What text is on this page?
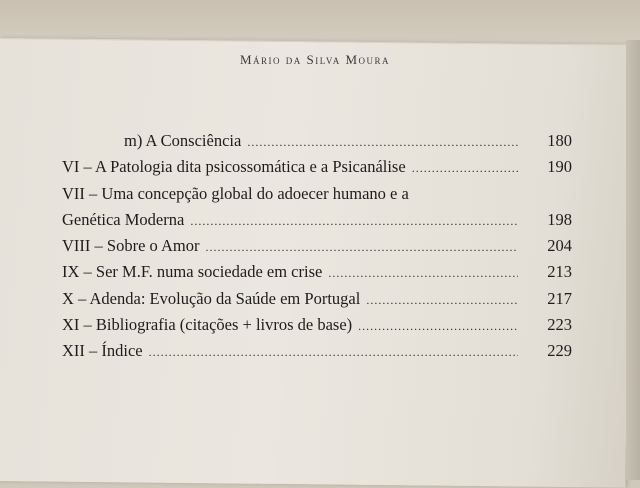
Mário da Silva Moura
m) A Consciência .....	180
VI – A Patologia dita psicossomática e a Psicanálise .....	190
VII – Uma concepção global do adoecer humano e a
Genética Moderna .....	198
VIII – Sobre o Amor .....	204
IX – Ser M.F. numa sociedade em crise .....	213
X – Adenda: Evolução da Saúde em Portugal .....	217
XI – Bibliografia (citações + livros de base) .....	223
XII – Índice .....	229
